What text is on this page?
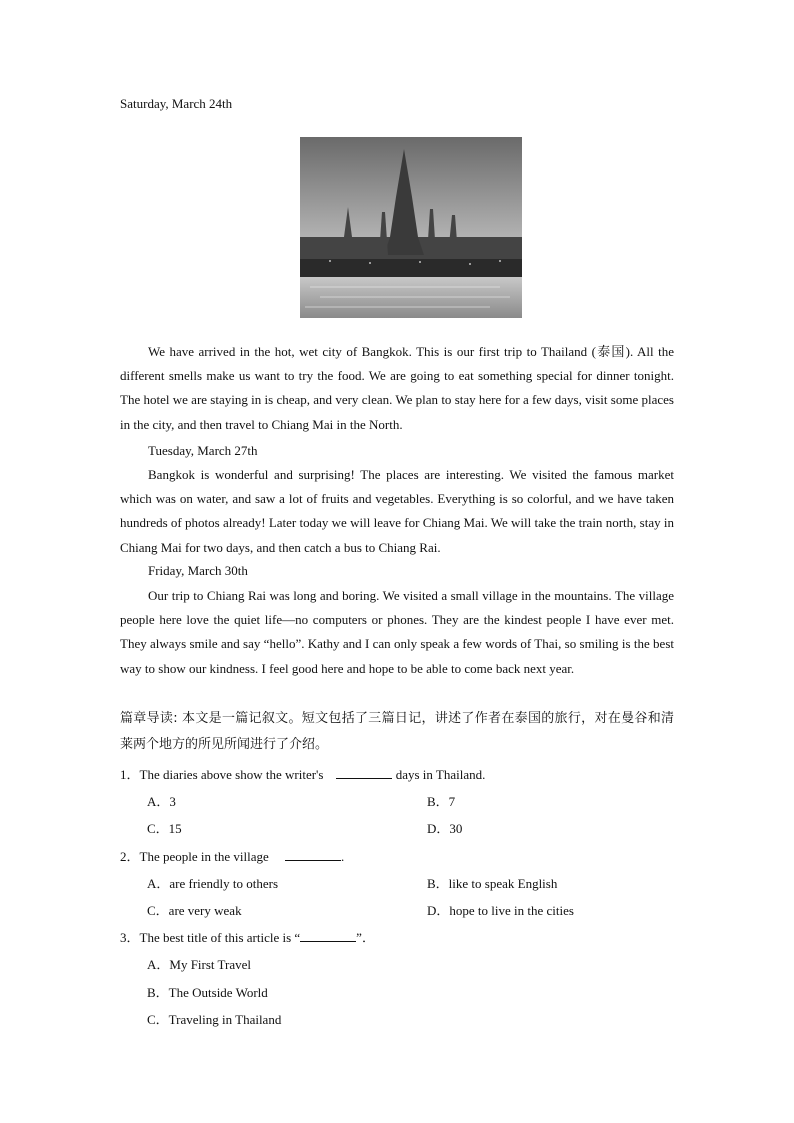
Saturday, March 24th
We have arrived in the hot, wet city of Bangkok. This is our first trip to Thailand (泰国). All the different smells make us want to try the food. We are going to eat something special for dinner tonight. The hotel we are staying in is cheap, and very clean. We plan to stay here for a few days, visit some places in the city, and then travel to Chiang Mai in the North.
Tuesday, March 27th
Bangkok is wonderful and surprising! The places are interesting. We visited the famous market which was on water, and saw a lot of fruits and vegetables. Everything is so colorful, and we have taken hundreds of photos already! Later today we will leave for Chiang Mai. We will take the train north, stay in Chiang Mai for two days, and then catch a bus to Chiang Rai.
Friday, March 30th
Our trip to Chiang Rai was long and boring. We visited a small village in the mountains. The village people here love the quiet life—no computers or phones. They are the kindest people I have ever met. They always smile and say “hello”. Kathy and I can only speak a few words of Thai, so smiling is the best way to show our kindness. I feel good here and hope to be able to come back next year.
篇章导读: 本文是一篇记叙文。短文包括了三篇日记，讲述了作者在泰国的旅行，对在曼谷和清莱两个地方的所见所闻进行了介绍。
1．The diaries above show the writer's	days in Thailand.
A．3	B．7
C．15	D．30
2．The people in the village	.
A．are friendly to others	B．like to speak English
C．are very weak	D．hope to live in the cities
3．The best title of this article is “	”．
A．My First Travel
B．The Outside World
C．Traveling in Thailand
